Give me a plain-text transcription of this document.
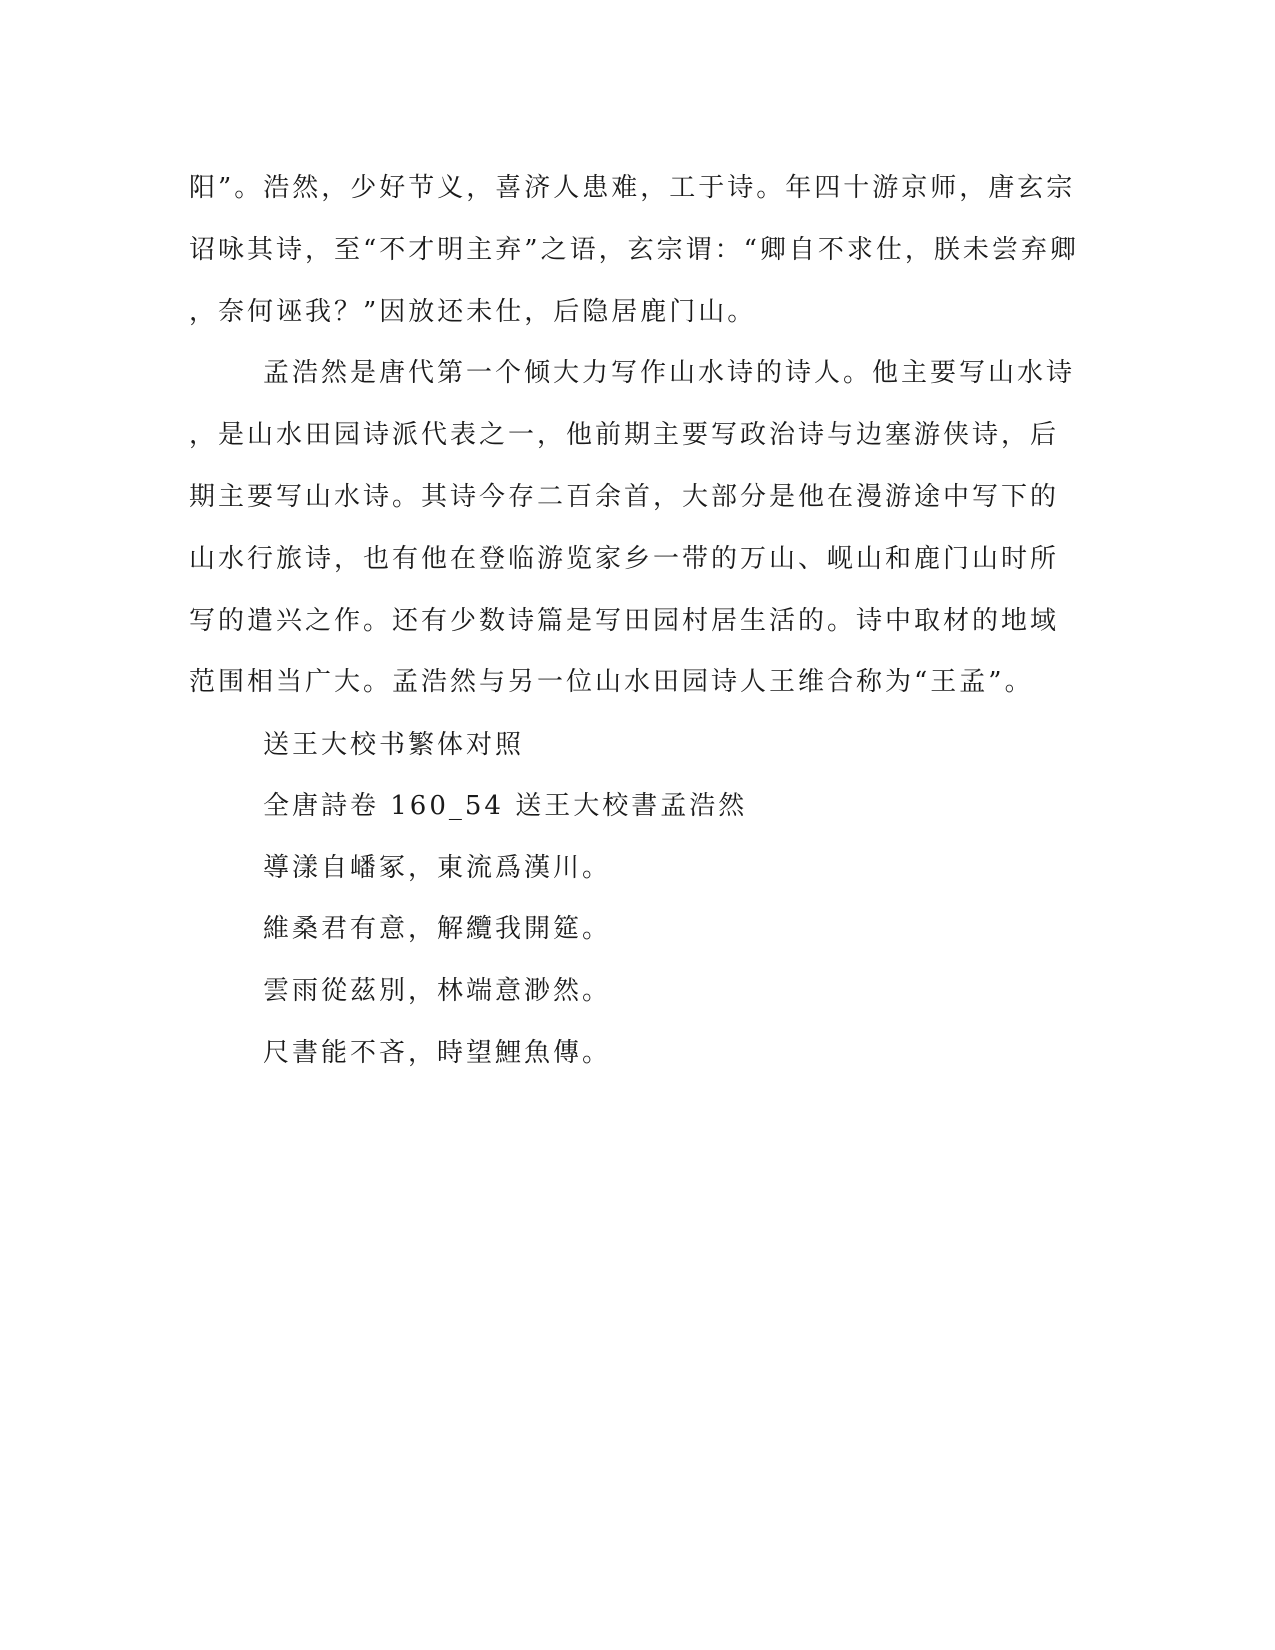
阳”。浩然，少好节义，喜济人患难，工于诗。年四十游京师，唐玄宗
诏咏其诗，至“不才明主弃”之语，玄宗谓：“卿自不求仕，朕未尝弃卿
，奈何诬我？”因放还未仕，后隐居鹿门山。
孟浩然是唐代第一个倾大力写作山水诗的诗人。他主要写山水诗
，是山水田园诗派代表之一，他前期主要写政治诗与边塞游侠诗，后
期主要写山水诗。其诗今存二百余首，大部分是他在漫游途中写下的
山水行旅诗，也有他在登临游览家乡一带的万山、岘山和鹿门山时所
写的遣兴之作。还有少数诗篇是写田园村居生活的。诗中取材的地域
范围相当广大。孟浩然与另一位山水田园诗人王维合称为“王孟”。
送王大校书繁体对照
全唐詩卷 160_54 送王大校書孟浩然
導漾自嶓冢，東流爲漢川。
維桑君有意，解纜我開筵。
雲雨從茲別，林端意渺然。
尺書能不吝，時望鯉魚傳。
